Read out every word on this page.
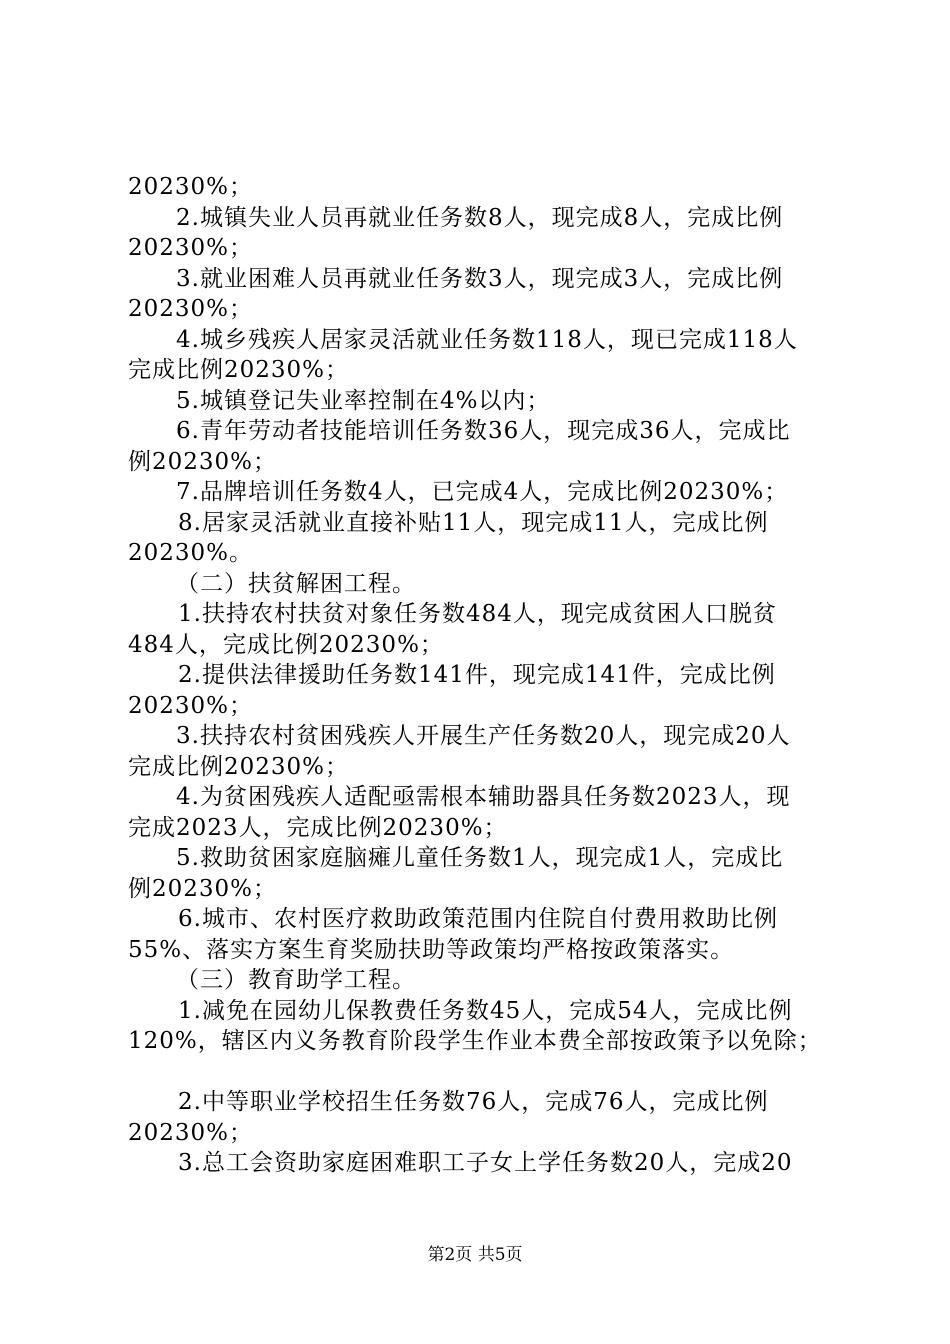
20230%；
2.城镇失业人员再就业任务数8人，现完成8人，完成比例
20230%；
3.就业困难人员再就业任务数3人，现完成3人，完成比例
20230%；
4.城乡残疾人居家灵活就业任务数118人，现已完成118人
完成比例20230%；
5.城镇登记失业率控制在4%以内；
6.青年劳动者技能培训任务数36人，现完成36人，完成比
例20230%；
7.品牌培训任务数4人，已完成4人，完成比例20230%；
8.居家灵活就业直接补贴11人，现完成11人，完成比例
20230%。
（二）扶贫解困工程。
1.扶持农村扶贫对象任务数484人，现完成贫困人口脱贫
484人，完成比例20230%；
2.提供法律援助任务数141件，现完成141件，完成比例
20230%；
3.扶持农村贫困残疾人开展生产任务数20人，现完成20人
完成比例20230%；
4.为贫困残疾人适配亟需根本辅助器具任务数2023人，现
完成2023人，完成比例20230%；
5.救助贫困家庭脑瘫儿童任务数1人，现完成1人，完成比
例20230%；
6.城市、农村医疗救助政策范围内住院自付费用救助比例
55%、落实方案生育奖励扶助等政策均严格按政策落实。
（三）教育助学工程。
1.减免在园幼儿保教费任务数45人，完成54人，完成比例
120%，辖区内义务教育阶段学生作业本费全部按政策予以免除；
2.中等职业学校招生任务数76人，完成76人，完成比例
20230%；
3.总工会资助家庭困难职工子女上学任务数20人，完成20
第2页 共5页
